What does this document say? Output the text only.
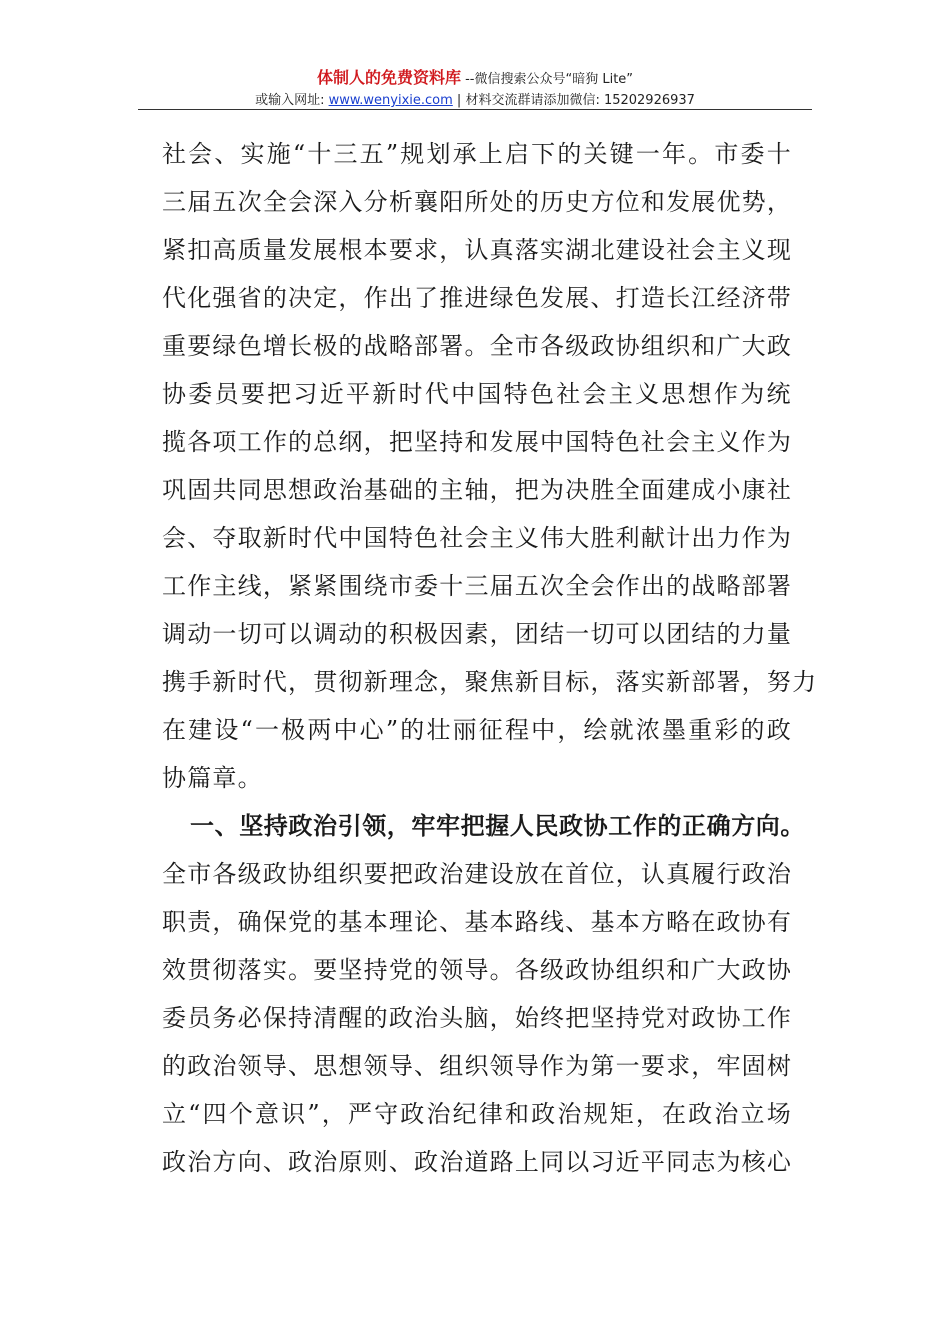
体制人的免费资料库 --微信搜索公众号“暗狗 Lite”
或输入网址: www.wenyixie.com | 材料交流群请添加微信: 15202926937
社 会 、 实 施 “ 十 三 五 ” 规 划 承 上 启 下 的 关 键 一 年 。 市 委 十
三 届 五 次 全 会 深 入 分 析 襄 阳 所 处 的 历 史 方 位 和 发 展 优 势 ，
紧 扣 高 质 量 发 展 根 本 要 求 ， 认 真 落 实 湖 北 建 设 社 会 主 义 现
代 化 强 省 的 决 定 ， 作 出 了 推 进 绿 色 发 展 、 打 造 长 江 经 济 带
重 要 绿 色 增 长 极 的 战 略 部 署 。 全 市 各 级 政 协 组 织 和 广 大 政
协 委 员 要 把 习 近 平 新 时 代 中 国 特 色 社 会 主 义 思 想 作 为 统
揽 各 项 工 作 的 总 纲 ， 把 坚 持 和 发 展 中 国 特 色 社 会 主 义 作 为
巩 固 共 同 思 想 政 治 基 础 的 主 轴 ， 把 为 决 胜 全 面 建 成 小 康 社
会 、 夺 取 新 时 代 中 国 特 色 社 会 主 义 伟 大 胜 利 献 计 出 力 作 为
工 作 主 线 ， 紧 紧 围 绕 市 委 十 三 届 五 次 全 会 作 出 的 战 略 部 署
调 动 一 切 可 以 调 动 的 积 极 因 素 ， 团 结 一 切 可 以 团 结 的 力 量
携 手 新 时 代 ， 贯 彻 新 理 念 ， 聚 焦 新 目 标 ， 落 实 新 部 署 ， 努 力
在 建 设 “ 一 极 两 中 心 ” 的 壮 丽 征 程 中 ， 绘 就 浓 墨 重 彩 的 政
协篇章。
一、坚持政治引领，牢牢把握人民政协工作的正确方向。
全 市 各 级 政 协 组 织 要 把 政 治 建 设 放 在 首 位 ， 认 真 履 行 政 治
职 责 ， 确 保 党 的 基 本 理 论 、 基 本 路 线 、 基 本 方 略 在 政 协 有
效 贯 彻 落 实 。 要 坚 持 党 的 领 导 。 各 级 政 协 组 织 和 广 大 政 协
委 员 务 必 保 持 清 醒 的 政 治 头 脑 ， 始 终 把 坚 持 党 对 政 协 工 作
的 政 治 领 导 、 思 想 领 导 、 组 织 领 导 作 为 第 一 要 求 ， 牢 固 树
立 “ 四 个 意 识 ” ， 严 守 政 治 纪 律 和 政 治 规 矩 ， 在 政 治 立 场
政 治 方 向 、 政 治 原 则 、 政 治 道 路 上 同 以 习 近 平 同 志 为 核 心
